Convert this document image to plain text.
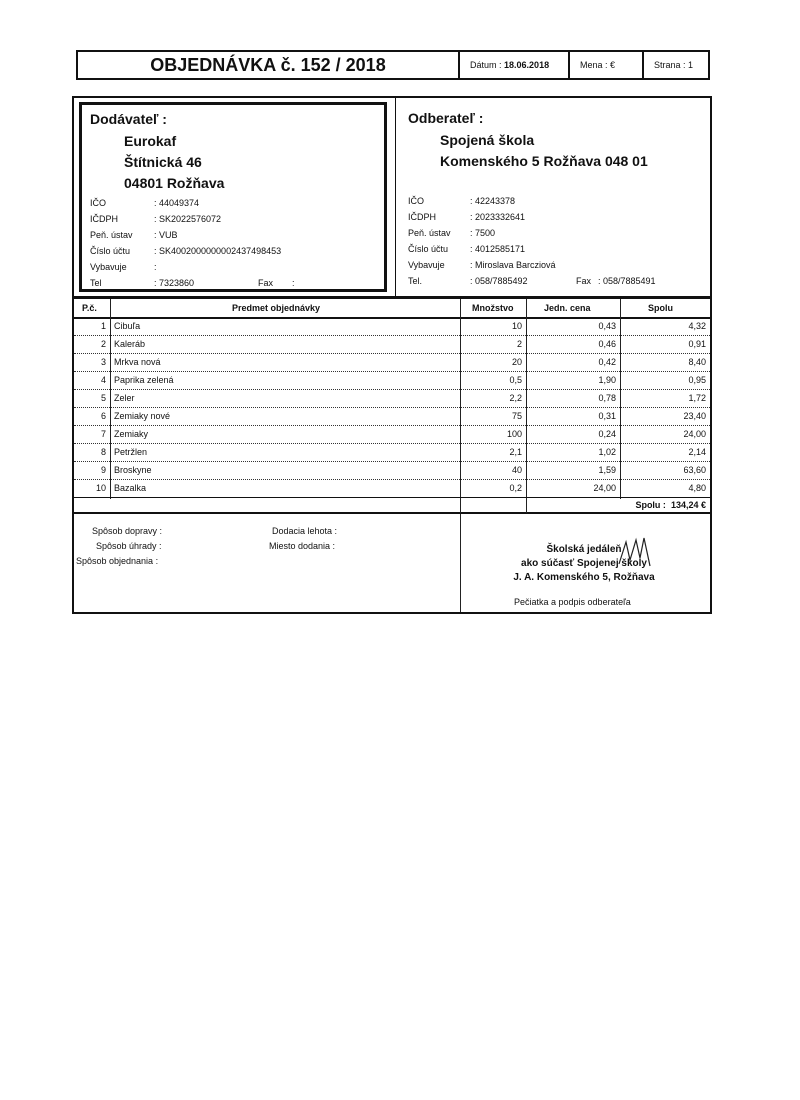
OBJEDNÁVKA č. 152 / 2018	Dátum :
18.06.2018	Mena :
€	Strana :
1
Dodávateľ :
Eurokaf
Štítnická 46
04801 Rožňava
IČO	: 44049374
IČDPH	: SK2022576072
Peň. ústav : VUB
Číslo účtu	: SK4002000000002437498453
Vybavuje	:
Tel	: 7323860	Fax :
Odberateľ :
Spojená škola
Komenského 5 Rožňava 048 01
IČO	: 42243378
IČDPH	: 2023332641
Peň. ústav : 7500
Číslo účtu : 4012585171
Vybavuje	: Miroslava Barcziová
Tel.	: 058/7885492	Fax : 058/7885491
P.č.	Predmet objednávky	Množstvo	Jedn. cena	Spolu
1 Cibuľa	10	0,43	4,32
2 Kaleráb	2	0,46	0,91
3 Mrkva nová	20	0,42	8,40
4 Paprika zelená	0,5	1,90	0,95
5 Zeler	2,2	0,78	1,72
6 Zemiaky nové	75	0,31	23,40
7 Zemiaky	100	0,24	24,00
8 Petržlen	2,1	1,02	2,14
9 Broskyne	40	1,59	63,60
10 Bazalka	0,2	24,00	4,80
Spolu : 134,24 €
Spôsob dopravy :
Spôsob úhrady :
Spôsob objednania :
Dodacia lehota :
Miesto dodania :	Školská jedáleň
ako súčasť Spojenej školy
J. A. Komenského 5, Rožňava
Pečiatka a podpis odberateľa
